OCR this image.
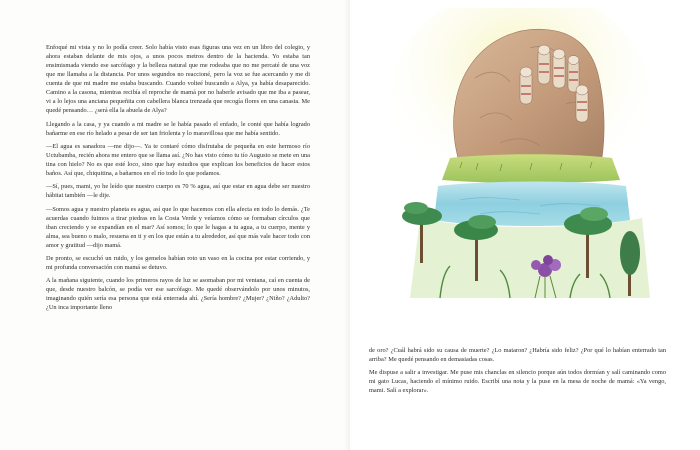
Enfoqué mi vista y no lo podía creer. Solo había visto esas figuras una vez en un libro del colegio, y ahora estaban delante de mis ojos, a unos pocos metros dentro de la hacienda. Yo estaba tan ensimismada viendo ese sarcófago y la belleza natural que me rodeaba que no me percaté de una voz que me llamaba a la distancia. Por unos segundos no reaccioné, pero la voz se fue acercando y me di cuenta de que mi madre me estaba buscando. Cuando volteé buscando a Alya, ya había desaparecido. Camino a la casona, mientras recibía el reproche de mamá por no haberle avisado que me iba a pasear, vi a lo lejos una anciana pequeñita con cabellera blanca trenzada que recogía flores en una canasta. Me quedé pensando… ¿será ella la abuela de Alya?

Llegando a la casa, y ya cuando a mi madre se le había pasado el enfado, le conté que había logrado bañarme en ese río helado a pesar de ser tan friolenta y lo maravillosa que me había sentido.

—El agua es sanadora —me dijo—. Ya te contaré cómo disfrutaba de pequeña en este hermoso río Uctubamba, recién ahora me entero que se llama así. ¿No has visto cómo tu tío Augusto se mete en una tina con hielo? No es que esté loco, sino que hay estudios que explican los beneficios de hacer estos baños. Así que, chiquitina, a bañarnos en el río todo lo que podamos.

—Sí, pues, mami, yo he leído que nuestro cuerpo es 70 % agua, así que estar en agua debe ser nuestro hábitat también —le dije.

—Somos agua y nuestro planeta es agua, así que lo que hacemos con ella afecta en todo lo demás. ¿Te acuerdas cuando fuimos a tirar piedras en la Costa Verde y veíamos cómo se formaban círculos que iban creciendo y se expandían en el mar? Así somos; lo que le hagas a tu agua, a tu cuerpo, mente y alma, sea bueno o malo, resuena en ti y en los que están a tu alrededor, así que más vale hacer todo con amor y gratitud —dijo mamá.

De pronto, se escuchó un ruido, y los gemelos habían roto un vaso en la cocina por estar corriendo, y mi profunda conversación con mamá se detuvo.

A la mañana siguiente, cuando los primeros rayos de luz se asomaban por mi ventana, caí en cuenta de que, desde nuestro balcón, se podía ver ese sarcófago. Me quedé observándolo por unos minutos, imaginando quién sería esa persona que está enterrada ahí. ¿Sería hombre? ¿Mujer? ¿Niño? ¿Adulto? ¿Un inca importante lleno

de oro? ¿Cuál habrá sido su causa de muerte? ¿Lo mataron? ¿Habría sido feliz? ¿Por qué lo habían enterrado tan arriba? Me quedé pensando en demasiadas cosas.

Me dispuse a salir a investigar. Me puse mis chanclas en silencio porque aún todos dormían y salí caminando como mi gato Lucas, haciendo el mínimo ruido. Escribí una nota y la puse en la mesa de noche de mamá: «Ya vengo, mami. Salí a explorar».
